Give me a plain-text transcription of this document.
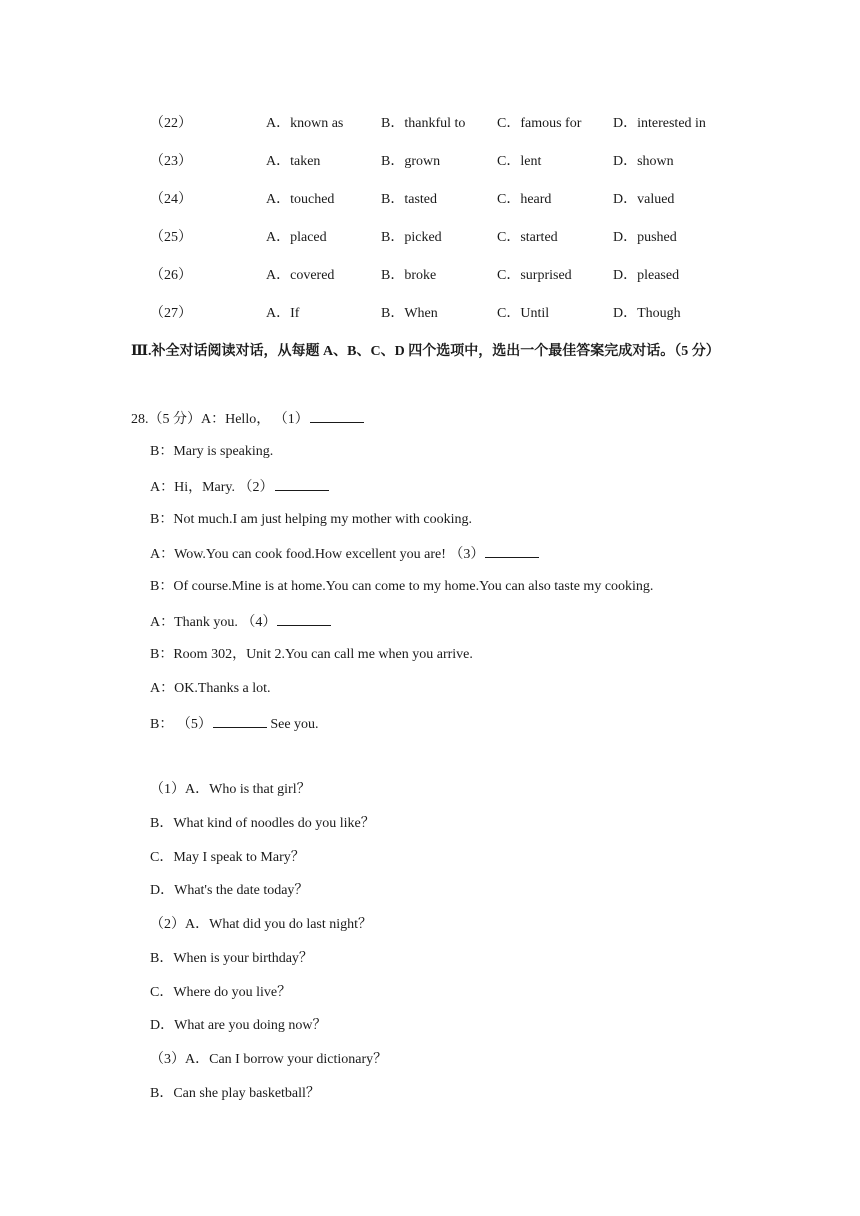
（22）	A．known as	B．thankful to C．famous for D．interested in
（23）	A．taken	B．grown	C．lent	D．shown
（24）	A．touched	B．tasted	C．heard	D．valued
（25）	A．placed	B．picked	C．started	D．pushed
（26）	A．covered	B．broke	C．surprised	D．pleased
（27）	A．If	B．When	C．Until	D．Though
Ⅲ.补全对话阅读对话，从每题 A、B、C、D 四个选项中，选出一个最佳答案完成对话。（5 分）
28.（5 分）A：Hello， （1）
B：Mary is speaking.
A：Hi，Mary. （2）
B：Not much.I am just helping my mother with cooking.
A：Wow.You can cook food.How excellent you are! （3）
B：Of course.Mine is at home.You can come to my home.You can also taste my cooking.
A：Thank you. （4）
B：Room 302，Unit 2.You can call me when you arrive.
A：OK.Thanks a lot.
B： （5）	See you.
（1）A．Who is that girl？
B．What kind of noodles do you like？
C．May I speak to Mary？
D．What's the date today？
（2）A．What did you do last night？
B．When is your birthday？
C．Where do you live？
D．What are you doing now？
（3）A．Can I borrow your dictionary？
B．Can she play basketball？
